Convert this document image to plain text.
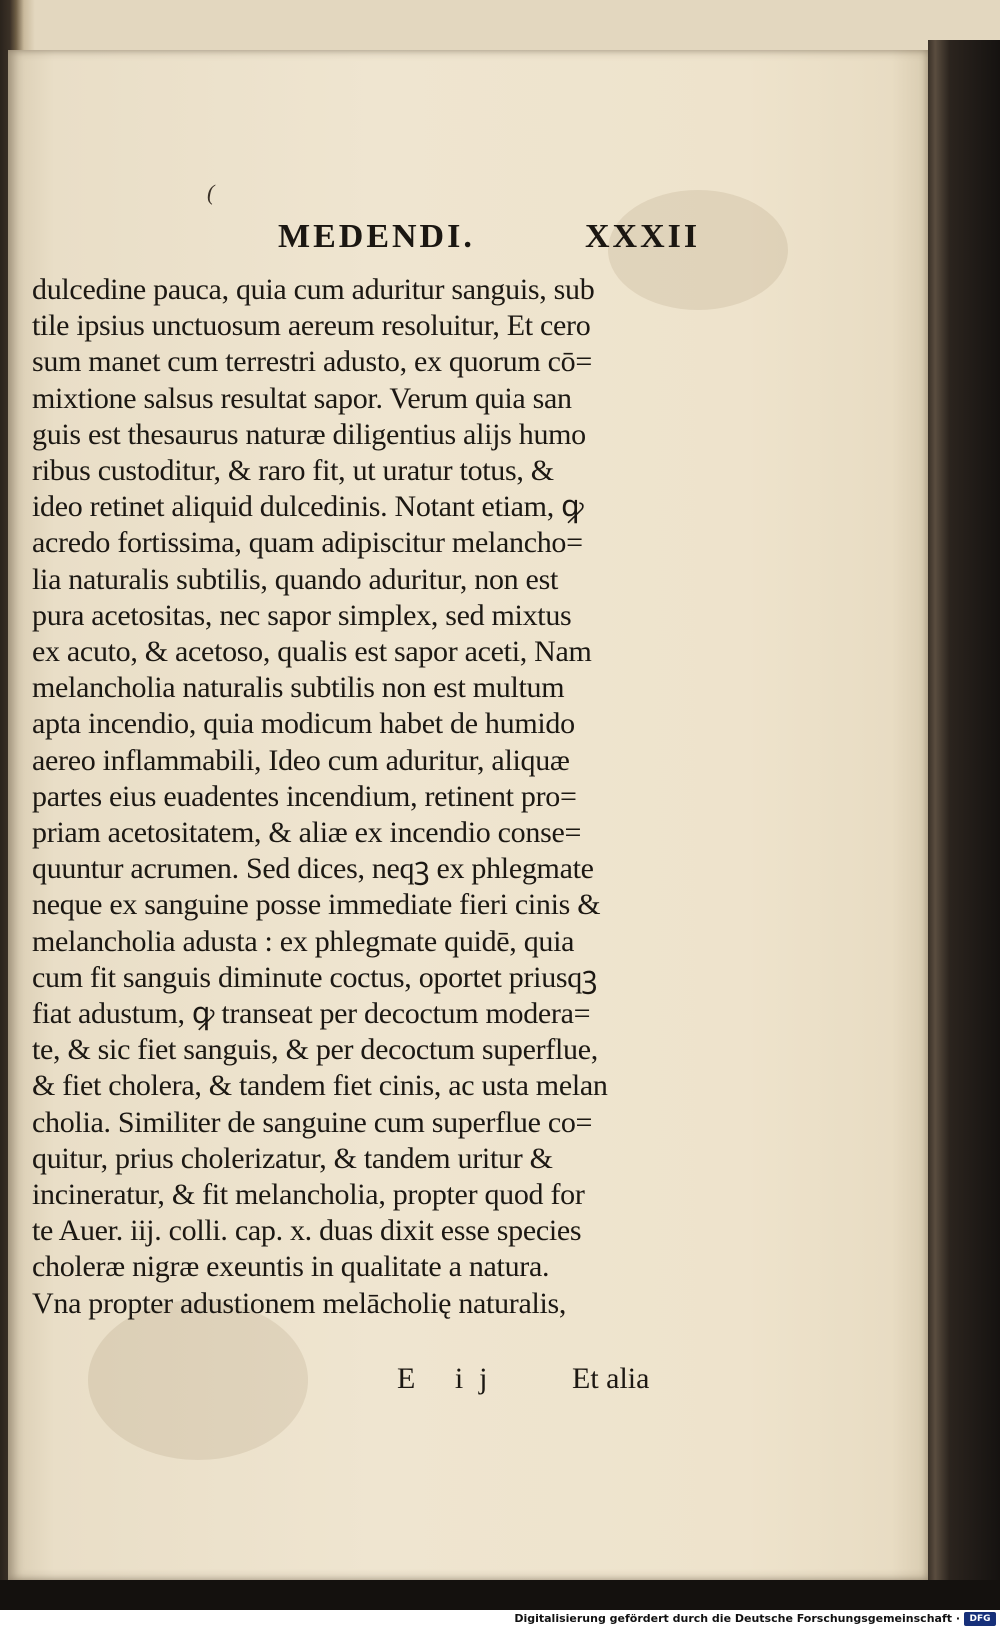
(
MEDENDI.	XXXII
dulcedine pauca, quia cum aduritur sanguis, sub
tile ipsius unctuosum aereum resoluitur, Et cero
sum manet cum terrestri adusto, ex quorum cō=
mixtione salsus resultat sapor. Verum quia san
guis est thesaurus naturæ diligentius alijs humo
ribus custoditur, & raro fit, ut uratur totus, &
ideo retinet aliquid dulcedinis. Notant etiam, ꝙ
acredo fortissima, quam adipiscitur melancho=
lia naturalis subtilis, quando aduritur, non est
pura acetositas, nec sapor simplex, sed mixtus
ex acuto, & acetoso, qualis est sapor aceti, Nam
melancholia naturalis subtilis non est multum
apta incendio, quia modicum habet de humido
aereo inflammabili, Ideo cum aduritur, aliquæ
partes eius euadentes incendium, retinent pro=
priam acetositatem, & aliæ ex incendio conse=
quuntur acrumen. Sed dices, neqꝫ ex phlegmate
neque ex sanguine posse immediate fieri cinis &
melancholia adusta : ex phlegmate quidē, quia
cum fit sanguis diminute coctus, oportet priusqꝫ
fiat adustum, ꝙ transeat per decoctum modera=
te, & sic fiet sanguis, & per decoctum superflue,
& fiet cholera, & tandem fiet cinis, ac usta melan
cholia. Similiter de sanguine cum superflue co=
quitur, prius cholerizatur, & tandem uritur &
incineratur, & fit melancholia, propter quod for
te Auer. iij. colli. cap. x. duas dixit esse species
choleræ nigræ exeuntis in qualitate a natura.
Vna propter adustionem melācholię naturalis,
E ij Et alia
Digitalisierung gefördert durch die Deutsche Forschungsgemeinschaft ·	DFG
